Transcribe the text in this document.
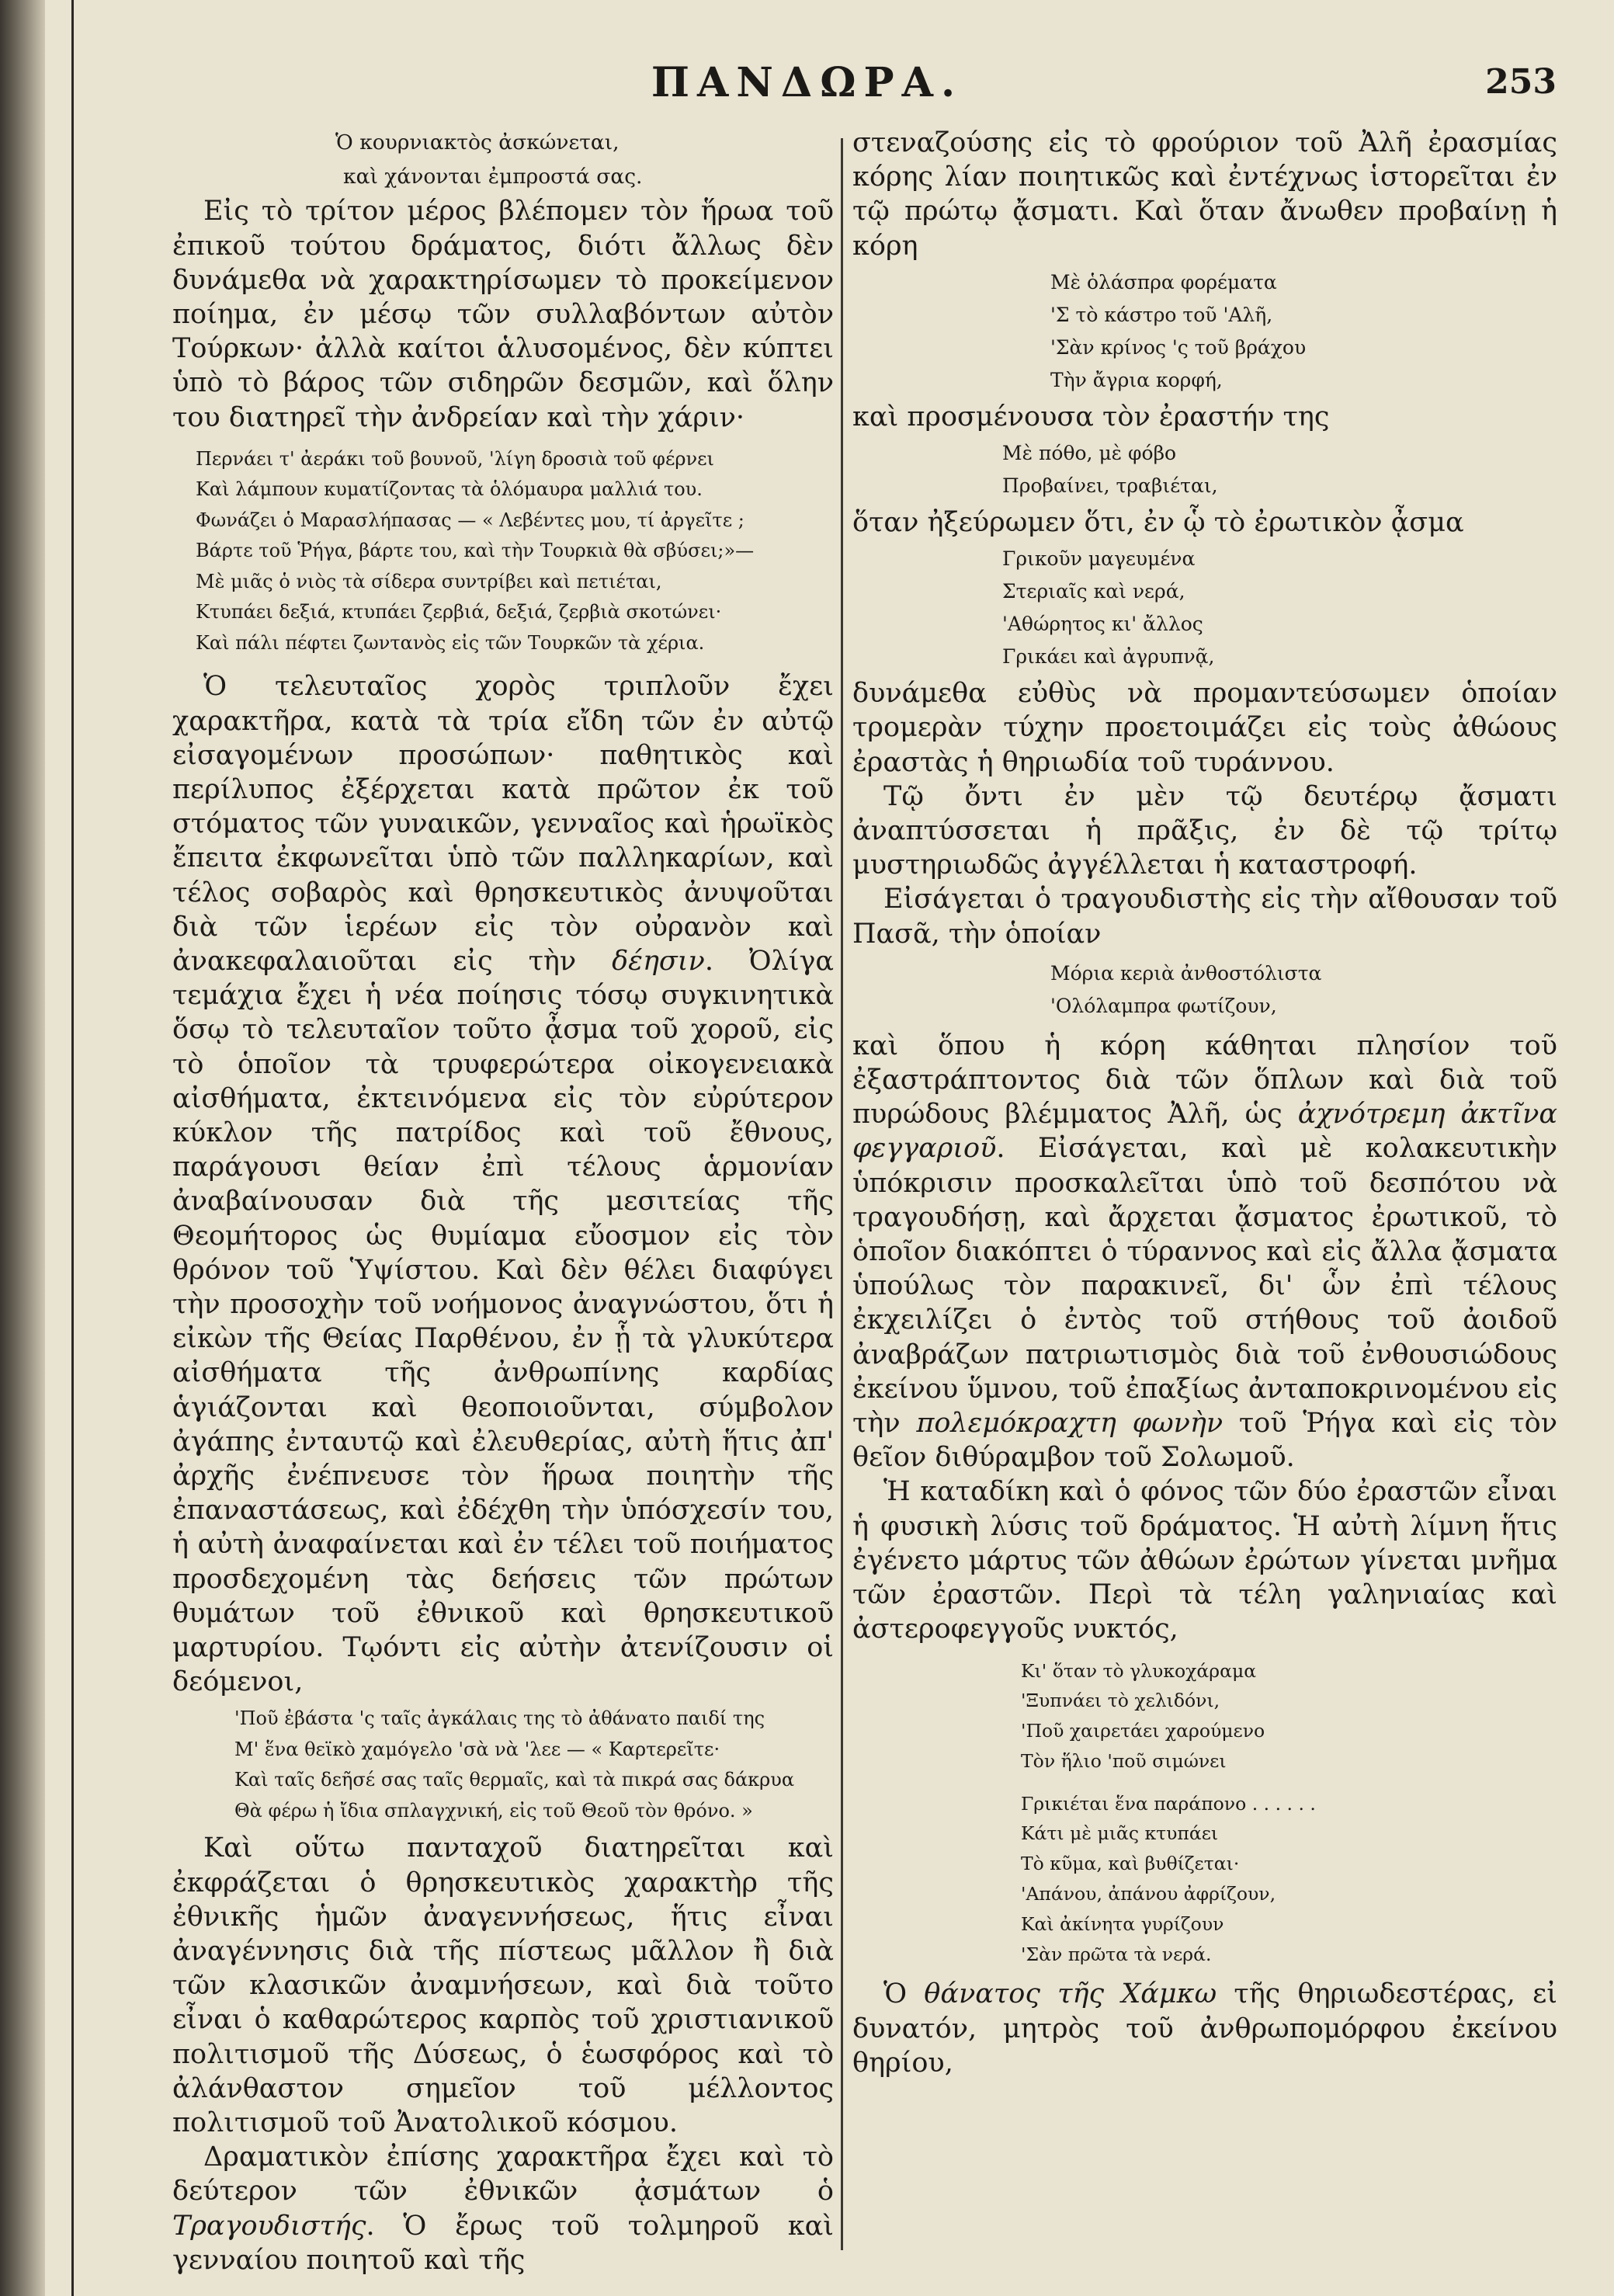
ΠΑΝΔΩΡΑ.	253

Ὁ κουρνιακτὸς ἀσκώνεται,

καὶ χάνονται ἐμπροστά σας.

Εἰς τὸ τρίτον μέρος βλέπομεν τὸν ἥρωα τοῦ ἐπικοῦ τούτου δράματος, διότι ἄλλως δὲν δυνάμεθα νὰ χαρακτηρίσωμεν τὸ προκείμενον ποίημα, ἐν μέσῳ τῶν συλλαβόντων αὐτὸν Τούρκων· ἀλλὰ καίτοι ἁλυσομένος, δὲν κύπτει ὑπὸ τὸ βάρος τῶν σιδηρῶν δεσμῶν, καὶ ὅλην του διατηρεῖ τὴν ἀνδρείαν καὶ τὴν χάριν·

Περνάει τ' ἀεράκι τοῦ βουνοῦ, 'λίγη δροσιὰ τοῦ φέρνει

Καὶ λάμπουν κυματίζοντας τὰ ὁλόμαυρα μαλλιά του.

Φωνάζει ὁ Μαρασλήπασας — « Λεβέντες μου, τί ἀργεῖτε ;

Βάρτε τοῦ Ῥήγα, βάρτε του, καὶ τὴν Τουρκιὰ θὰ σβύσει;»—

Μὲ μιᾶς ὁ νιὸς τὰ σίδερα συντρίβει καὶ πετιέται,

Κτυπάει δεξιά, κτυπάει ζερβιά, δεξιά, ζερβιὰ σκοτώνει·

Καὶ πάλι πέφτει ζωντανὸς εἰς τῶν Τουρκῶν τὰ χέρια.

Ὁ τελευταῖος χορὸς τριπλοῦν ἔχει χαρακτῆρα, κατὰ τὰ τρία εἴδη τῶν ἐν αὐτῷ εἰσαγομένων προσώπων· παθητικὸς καὶ περίλυπος ἐξέρχεται κατὰ πρῶτον ἐκ τοῦ στόματος τῶν γυναικῶν, γενναῖος καὶ ἡρωϊκὸς ἔπειτα ἐκφωνεῖται ὑπὸ τῶν παλληκαρίων, καὶ τέλος σοβαρὸς καὶ θρησκευτικὸς ἀνυψοῦται διὰ τῶν ἱερέων εἰς τὸν οὐρανὸν καὶ ἀνακεφαλαιοῦται εἰς τὴν δέησιν. Ὀλίγα τεμάχια ἔχει ἡ νέα ποίησις τόσῳ συγκινητικὰ ὅσῳ τὸ τελευταῖον τοῦτο ᾆσμα τοῦ χοροῦ, εἰς τὸ ὁποῖον τὰ τρυφερώτερα οἰκογενειακὰ αἰσθήματα, ἐκτεινόμενα εἰς τὸν εὐρύτερον κύκλον τῆς πατρίδος καὶ τοῦ ἔθνους, παράγουσι θείαν ἐπὶ τέλους ἁρμονίαν ἀναβαίνουσαν διὰ τῆς μεσιτείας τῆς Θεομήτορος ὡς θυμίαμα εὔοσμον εἰς τὸν θρόνον τοῦ Ὑψίστου. Καὶ δὲν θέλει διαφύγει τὴν προσοχὴν τοῦ νοήμονος ἀναγνώστου, ὅτι ἡ εἰκὼν τῆς Θείας Παρθένου, ἐν ᾗ τὰ γλυκύτερα αἰσθήματα τῆς ἀνθρωπίνης καρδίας ἁγιάζονται καὶ θεοποιοῦνται, σύμβολον ἀγάπης ἐνταυτῷ καὶ ἐλευθερίας, αὐτὴ ἥτις ἀπ' ἀρχῆς ἐνέπνευσε τὸν ἥρωα ποιητὴν τῆς ἐπαναστάσεως, καὶ ἐδέχθη τὴν ὑπόσχεσίν του, ἡ αὐτὴ ἀναφαίνεται καὶ ἐν τέλει τοῦ ποιήματος προσδεχομένη τὰς δεήσεις τῶν πρώτων θυμάτων τοῦ ἐθνικοῦ καὶ θρησκευτικοῦ μαρτυρίου. Τῳόντι εἰς αὐτὴν ἀτενίζουσιν οἱ δεόμενοι,

'Ποῦ ἐβάστα 'ς ταῖς ἀγκάλαις της τὸ ἀθάνατο παιδί της

Μ' ἕνα θεϊκὸ χαμόγελο 'σὰ νὰ 'λεε — « Καρτερεῖτε·

Καὶ ταῖς δεῆσέ σας ταῖς θερμαῖς, καὶ τὰ πικρά σας δάκρυα

Θὰ φέρω ἡ ἴδια σπλαγχνική, εἰς τοῦ Θεοῦ τὸν θρόνο. »

Καὶ οὕτω πανταχοῦ διατηρεῖται καὶ ἐκφράζεται ὁ θρησκευτικὸς χαρακτὴρ τῆς ἐθνικῆς ἡμῶν ἀναγεννήσεως, ἥτις εἶναι ἀναγέννησις διὰ τῆς πίστεως μᾶλλον ἢ διὰ τῶν κλασικῶν ἀναμνήσεων, καὶ διὰ τοῦτο εἶναι ὁ καθαρώτερος καρπὸς τοῦ χριστιανικοῦ πολιτισμοῦ τῆς Δύσεως, ὁ ἑωσφόρος καὶ τὸ ἀλάνθαστον σημεῖον τοῦ μέλλοντος πολιτισμοῦ τοῦ Ἀνατολικοῦ κόσμου.

Δραματικὸν ἐπίσης χαρακτῆρα ἔχει καὶ τὸ δεύτερον τῶν ἐθνικῶν ᾀσμάτων ὁ Τραγουδιστής. Ὁ ἔρως τοῦ τολμηροῦ καὶ γενναίου ποιητοῦ καὶ τῆς

στεναζούσης εἰς τὸ φρούριον τοῦ Ἀλῆ ἐρασμίας κόρης λίαν ποιητικῶς καὶ ἐντέχνως ἱστορεῖται ἐν τῷ πρώτῳ ᾄσματι. Καὶ ὅταν ἄνωθεν προβαίνῃ ἡ κόρη

Μὲ ὁλάσπρα φορέματα

'Σ τὸ κάστρο τοῦ 'Αλῆ,

'Σὰν κρίνος 'ς τοῦ βράχου

Τὴν ἄγρια κορφή,

καὶ προσμένουσα τὸν ἐραστήν της

Μὲ πόθο, μὲ φόβο

Προβαίνει, τραβιέται,

ὅταν ἠξεύρωμεν ὅτι, ἐν ᾧ τὸ ἐρωτικὸν ᾆσμα

Γρικοῦν μαγευμένα

Στεριαῖς καὶ νερά,

'Αθώρητος κι' ἄλλος

Γρικάει καὶ ἀγρυπνᾷ,

δυνάμεθα εὐθὺς νὰ προμαντεύσωμεν ὁποίαν τρομερὰν τύχην προετοιμάζει εἰς τοὺς ἀθώους ἐραστὰς ἡ θηριωδία τοῦ τυράννου.

Τῷ ὄντι ἐν μὲν τῷ δευτέρῳ ᾄσματι ἀναπτύσσεται ἡ πρᾶξις, ἐν δὲ τῷ τρίτῳ μυστηριωδῶς ἀγγέλλεται ἡ καταστροφή.

Εἰσάγεται ὁ τραγουδιστὴς εἰς τὴν αἴθουσαν τοῦ Πασᾶ, τὴν ὁποίαν

Μόρια κεριὰ ἀνθοστόλιστα

'Ολόλαμπρα φωτίζουν,

καὶ ὅπου ἡ κόρη κάθηται πλησίον τοῦ ἐξαστράπτοντος διὰ τῶν ὅπλων καὶ διὰ τοῦ πυρώδους βλέμματος Ἀλῆ, ὡς ἀχνότρεμη ἀκτῖνα φεγγαριοῦ. Εἰσάγεται, καὶ μὲ κολακευτικὴν ὑπόκρισιν προσκαλεῖται ὑπὸ τοῦ δεσπότου νὰ τραγουδήσῃ, καὶ ἄρχεται ᾄσματος ἐρωτικοῦ, τὸ ὁποῖον διακόπτει ὁ τύραννος καὶ εἰς ἄλλα ᾄσματα ὑπούλως τὸν παρακινεῖ, δι' ὧν ἐπὶ τέλους ἐκχειλίζει ὁ ἐντὸς τοῦ στήθους τοῦ ἀοιδοῦ ἀναβράζων πατριωτισμὸς διὰ τοῦ ἐνθουσιώδους ἐκείνου ὕμνου, τοῦ ἐπαξίως ἀνταποκρινομένου εἰς τὴν πολεμόκραχτη φωνὴν τοῦ Ῥήγα καὶ εἰς τὸν θεῖον διθύραμβον τοῦ Σολωμοῦ.

Ἡ καταδίκη καὶ ὁ φόνος τῶν δύο ἐραστῶν εἶναι ἡ φυσικὴ λύσις τοῦ δράματος. Ἡ αὐτὴ λίμνη ἥτις ἐγένετο μάρτυς τῶν ἀθώων ἐρώτων γίνεται μνῆμα τῶν ἐραστῶν. Περὶ τὰ τέλη γαληνιαίας καὶ ἀστεροφεγγοῦς νυκτός,

Κι' ὅταν τὸ γλυκοχάραμα

'Ξυπνάει τὸ χελιδόνι,

'Ποῦ χαιρετάει χαρούμενο

Τὸν ἥλιο 'ποῦ σιμώνει

Γρικιέται ἕνα παράπονο . . . . . .

Κάτι μὲ μιᾶς κτυπάει

Τὸ κῦμα, καὶ βυθίζεται·

'Απάνου, ἀπάνου ἀφρίζουν,

Καὶ ἀκίνητα γυρίζουν

'Σὰν πρῶτα τὰ νερά.

Ὁ θάνατος τῆς Χάμκω τῆς θηριωδεστέρας, εἰ δυνατόν, μητρὸς τοῦ ἀνθρωπομόρφου ἐκείνου θηρίου,
